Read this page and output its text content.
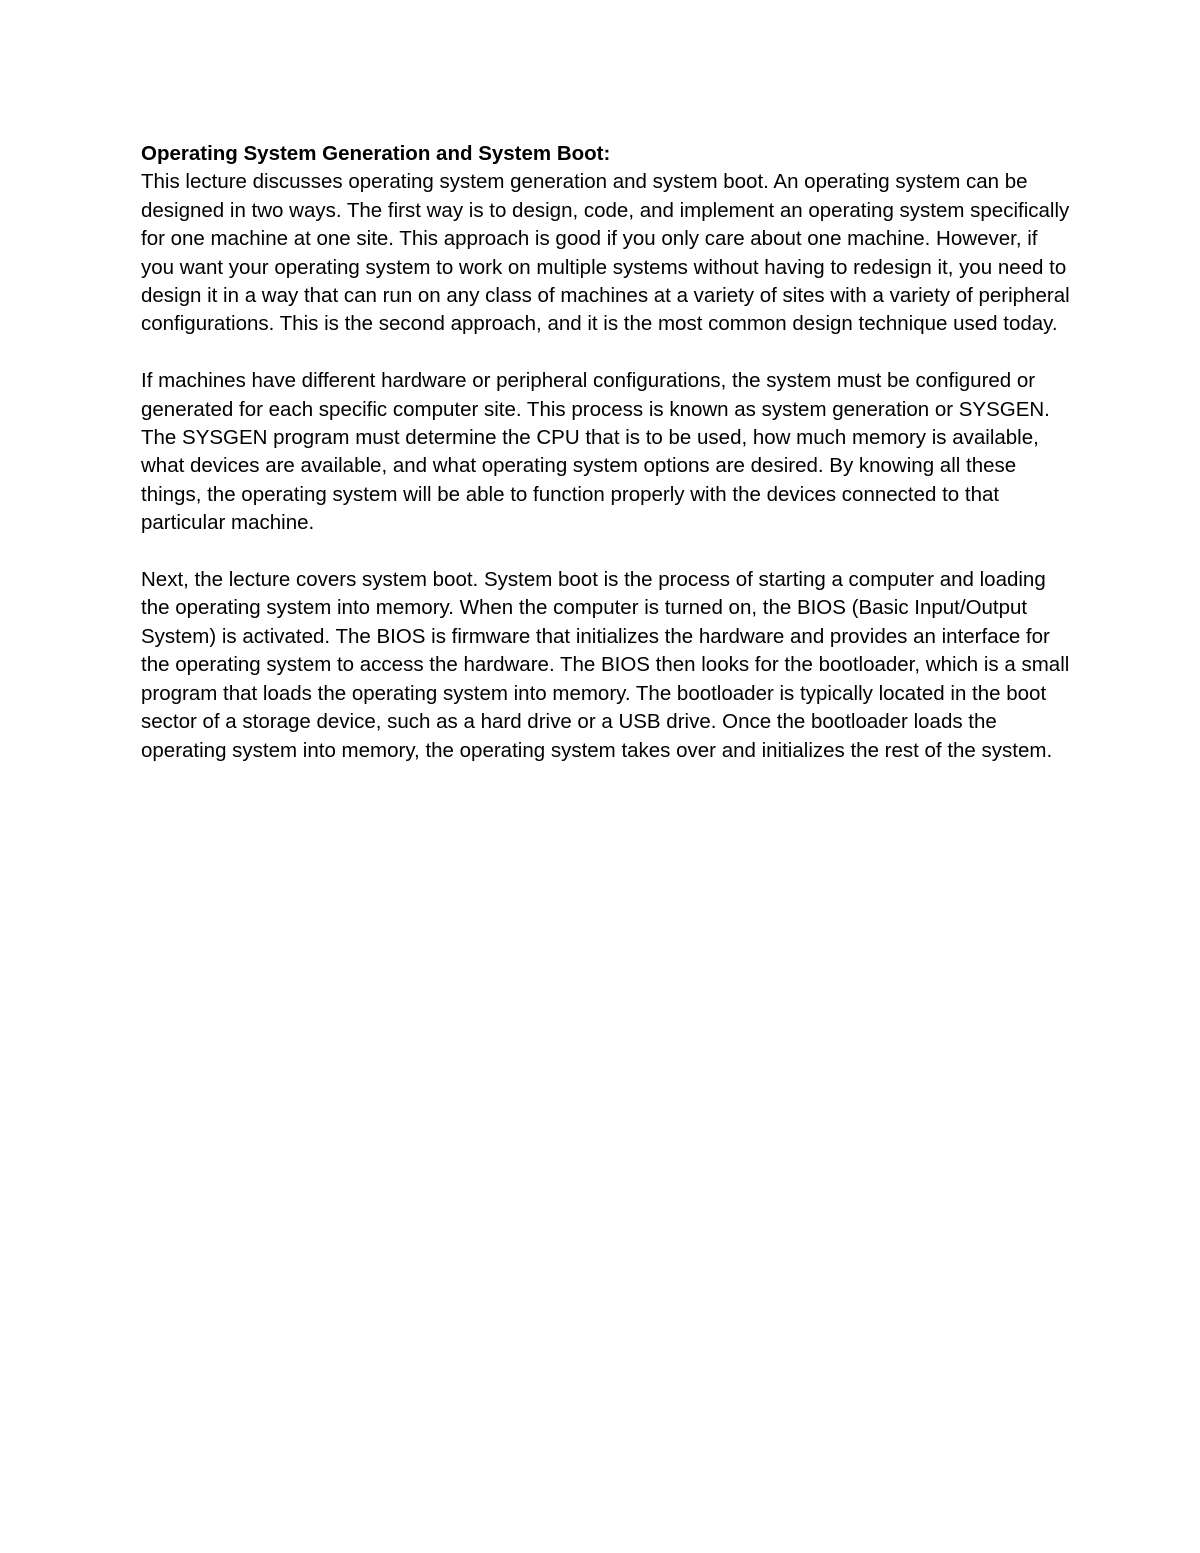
Operating System Generation and System Boot:

This lecture discusses operating system generation and system boot. An operating system can be designed in two ways. The first way is to design, code, and implement an operating system specifically for one machine at one site. This approach is good if you only care about one machine. However, if you want your operating system to work on multiple systems without having to redesign it, you need to design it in a way that can run on any class of machines at a variety of sites with a variety of peripheral configurations. This is the second approach, and it is the most common design technique used today.

If machines have different hardware or peripheral configurations, the system must be configured or generated for each specific computer site. This process is known as system generation or SYSGEN. The SYSGEN program must determine the CPU that is to be used, how much memory is available, what devices are available, and what operating system options are desired. By knowing all these things, the operating system will be able to function properly with the devices connected to that particular machine.

Next, the lecture covers system boot. System boot is the process of starting a computer and loading the operating system into memory. When the computer is turned on, the BIOS (Basic Input/Output System) is activated. The BIOS is firmware that initializes the hardware and provides an interface for the operating system to access the hardware. The BIOS then looks for the bootloader, which is a small program that loads the operating system into memory. The bootloader is typically located in the boot sector of a storage device, such as a hard drive or a USB drive. Once the bootloader loads the operating system into memory, the operating system takes over and initializes the rest of the system.
